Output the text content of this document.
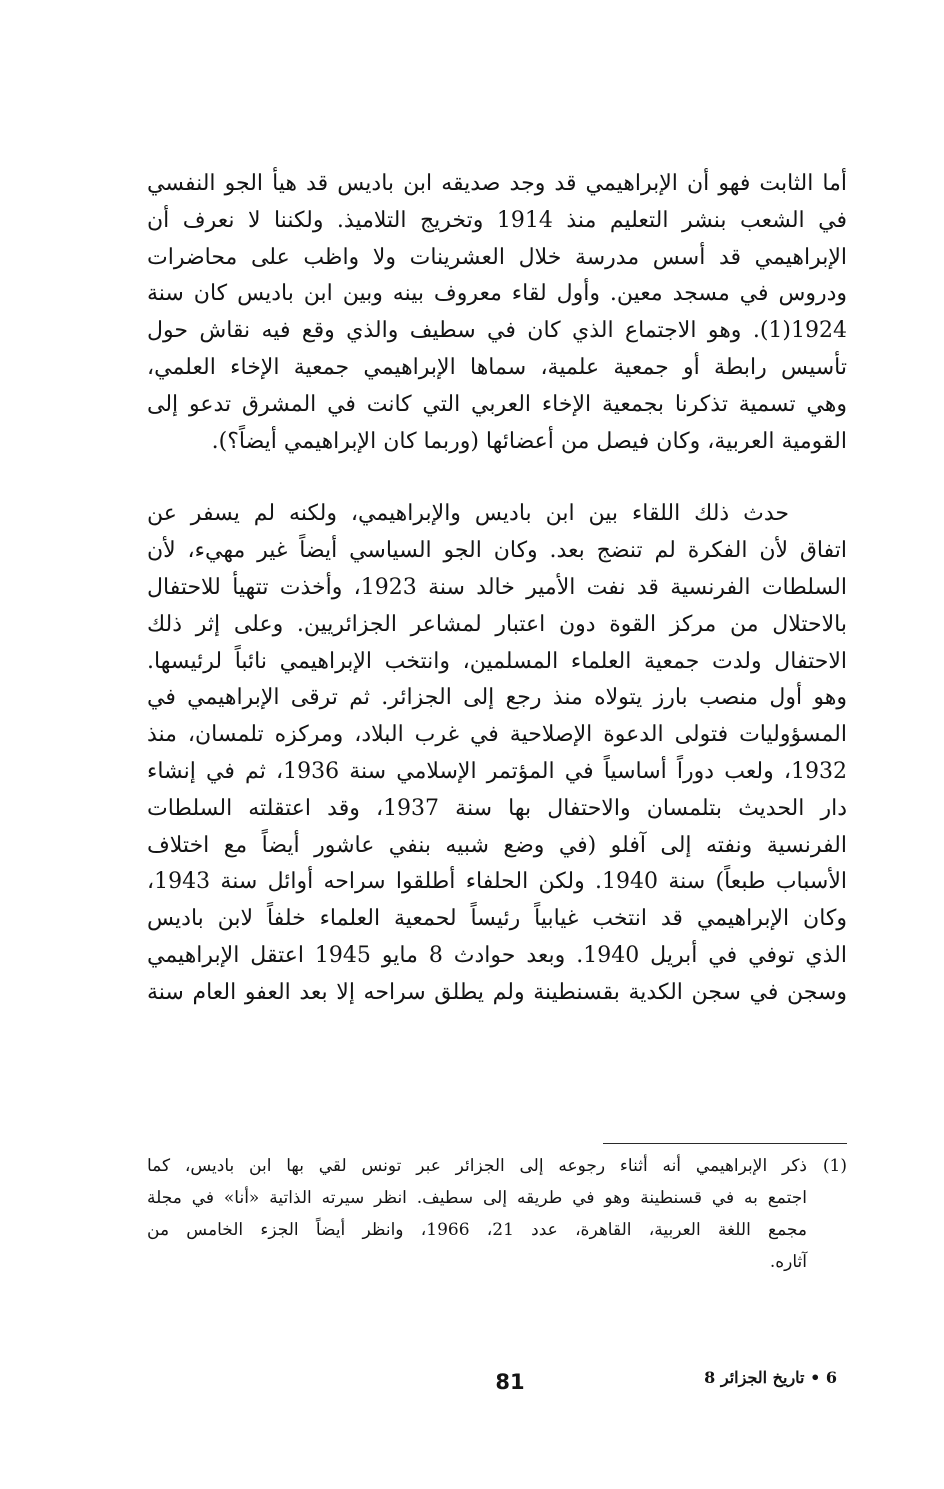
أما الثابت فهو أن الإبراهيمي قد وجد صديقه ابن باديس قد هيأ الجو النفسي
في الشعب بنشر التعليم منذ 1914 وتخريج التلاميذ. ولكننا لا نعرف أن
الإبراهيمي قد أسس مدرسة خلال العشرينات ولا واظب على محاضرات
ودروس في مسجد معين. وأول لقاء معروف بينه وبين ابن باديس كان سنة
1924(1). وهو الاجتماع الذي كان في سطيف والذي وقع فيه نقاش حول
تأسيس رابطة أو جمعية علمية، سماها الإبراهيمي جمعية الإخاء العلمي،
وهي تسمية تذكرنا بجمعية الإخاء العربي التي كانت في المشرق تدعو إلى
القومية العربية، وكان فيصل من أعضائها (وربما كان الإبراهيمي أيضاً؟).

حدث ذلك اللقاء بين ابن باديس والإبراهيمي، ولكنه لم يسفر عن
اتفاق لأن الفكرة لم تنضج بعد. وكان الجو السياسي أيضاً غير مهيء، لأن
السلطات الفرنسية قد نفت الأمير خالد سنة 1923، وأخذت تتهيأ للاحتفال
بالاحتلال من مركز القوة دون اعتبار لمشاعر الجزائريين. وعلى إثر ذلك
الاحتفال ولدت جمعية العلماء المسلمين، وانتخب الإبراهيمي نائباً لرئيسها.
وهو أول منصب بارز يتولاه منذ رجع إلى الجزائر. ثم ترقى الإبراهيمي في
المسؤوليات فتولى الدعوة الإصلاحية في غرب البلاد، ومركزه تلمسان، منذ
1932، ولعب دوراً أساسياً في المؤتمر الإسلامي سنة 1936، ثم في إنشاء
دار الحديث بتلمسان والاحتفال بها سنة 1937، وقد اعتقلته السلطات
الفرنسية ونفته إلى آفلو (في وضع شبيه بنفي عاشور أيضاً مع اختلاف
الأسباب طبعاً) سنة 1940. ولكن الحلفاء أطلقوا سراحه أوائل سنة 1943،
وكان الإبراهيمي قد انتخب غيابياً رئيساً لحمعية العلماء خلفاً لابن باديس
الذي توفي في أبريل 1940. وبعد حوادث 8 مايو 1945 اعتقل الإبراهيمي
وسجن في سجن الكدية بقسنطينة ولم يطلق سراحه إلا بعد العفو العام سنة

(1)
ذكر الإبراهيمي أنه أثناء رجوعه إلى الجزائر عبر تونس لقي بها ابن باديس، كما
اجتمع به في قسنطينة وهو في طريقه إلى سطيف. انظر سيرته الذاتية «أنا» في مجلة
مجمع اللغة العربية، القاهرة، عدد 21، 1966، وانظر أيضاً الجزء الخامس من
آثاره.
81	6 • تاريخ الجزائر 8
